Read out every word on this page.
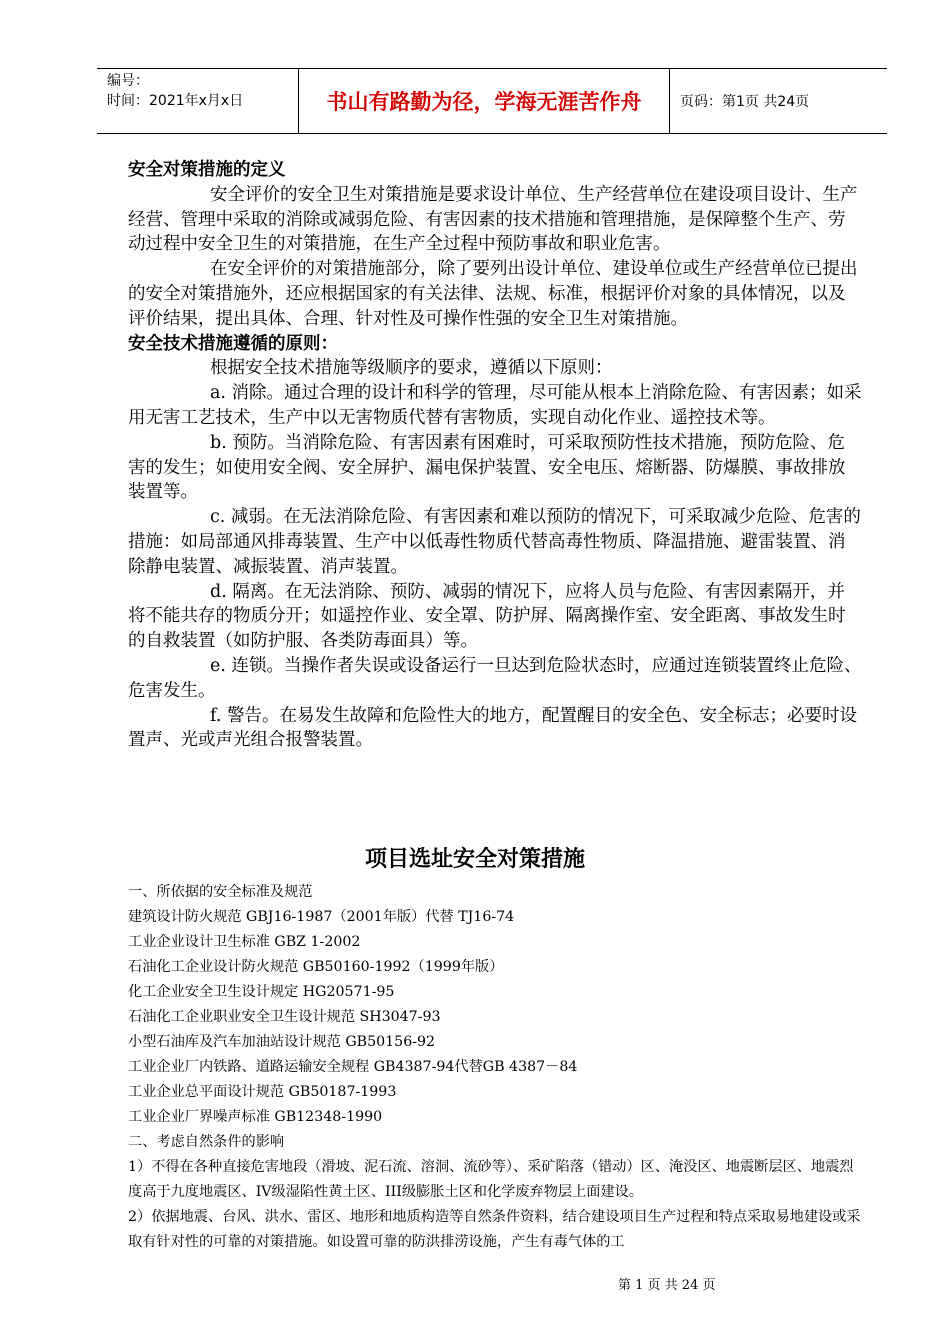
编号：
时间：2021年x月x日	书山有路勤为径，学海无涯苦作舟	页码：第1页 共24页

安全对策措施的定义

安全评价的安全卫生对策措施是要求设计单位、生产经营单位在建设项目设计、生产经营、管理中采取的消除或减弱危险、有害因素的技术措施和管理措施，是保障整个生产、劳动过程中安全卫生的对策措施，在生产全过程中预防事故和职业危害。

在安全评价的对策措施部分，除了要列出设计单位、建设单位或生产经营单位已提出的安全对策措施外，还应根据国家的有关法律、法规、标准，根据评价对象的具体情况，以及评价结果，提出具体、合理、针对性及可操作性强的安全卫生对策措施。

安全技术措施遵循的原则：

根据安全技术措施等级顺序的要求，遵循以下原则：

a. 消除。通过合理的设计和科学的管理，尽可能从根本上消除危险、有害因素；如采用无害工艺技术，生产中以无害物质代替有害物质，实现自动化作业、遥控技术等。

b. 预防。当消除危险、有害因素有困难时，可采取预防性技术措施，预防危险、危害的发生；如使用安全阀、安全屏护、漏电保护装置、安全电压、熔断器、防爆膜、事故排放装置等。

c. 减弱。在无法消除危险、有害因素和难以预防的情况下，可采取减少危险、危害的措施：如局部通风排毒装置、生产中以低毒性物质代替高毒性物质、降温措施、避雷装置、消除静电装置、减振装置、消声装置。

d. 隔离。在无法消除、预防、减弱的情况下，应将人员与危险、有害因素隔开，并将不能共存的物质分开；如遥控作业、安全罩、防护屏、隔离操作室、安全距离、事故发生时的自救装置（如防护服、各类防毒面具）等。

e. 连锁。当操作者失误或设备运行一旦达到危险状态时，应通过连锁装置终止危险、危害发生。

f. 警告。在易发生故障和危险性大的地方，配置醒目的安全色、安全标志；必要时设置声、光或声光组合报警装置。

项目选址安全对策措施

一、所依据的安全标准及规范

建筑设计防火规范 GBJ16-1987（2001年版）代替 TJ16-74

工业企业设计卫生标准 GBZ 1-2002

石油化工企业设计防火规范 GB50160-1992（1999年版）

化工企业安全卫生设计规定 HG20571-95

石油化工企业职业安全卫生设计规范 SH3047-93

小型石油库及汽车加油站设计规范 GB50156-92

工业企业厂内铁路、道路运输安全规程 GB4387-94代替GB 4387－84

工业企业总平面设计规范 GB50187-1993

工业企业厂界噪声标准 GB12348-1990

二、考虑自然条件的影响

1）不得在各种直接危害地段（滑坡、泥石流、溶洞、流砂等）、采矿陷落（错动）区、淹没区、地震断层区、地震烈度高于九度地震区、IV级湿陷性黄土区、III级膨胀土区和化学废弃物层上面建设。

2）依据地震、台风、洪水、雷区、地形和地质构造等自然条件资料，结合建设项目生产过程和特点采取易地建设或采取有针对性的可靠的对策措施。如设置可靠的防洪排涝设施，产生有毒气体的工

第 1 页 共 24 页
